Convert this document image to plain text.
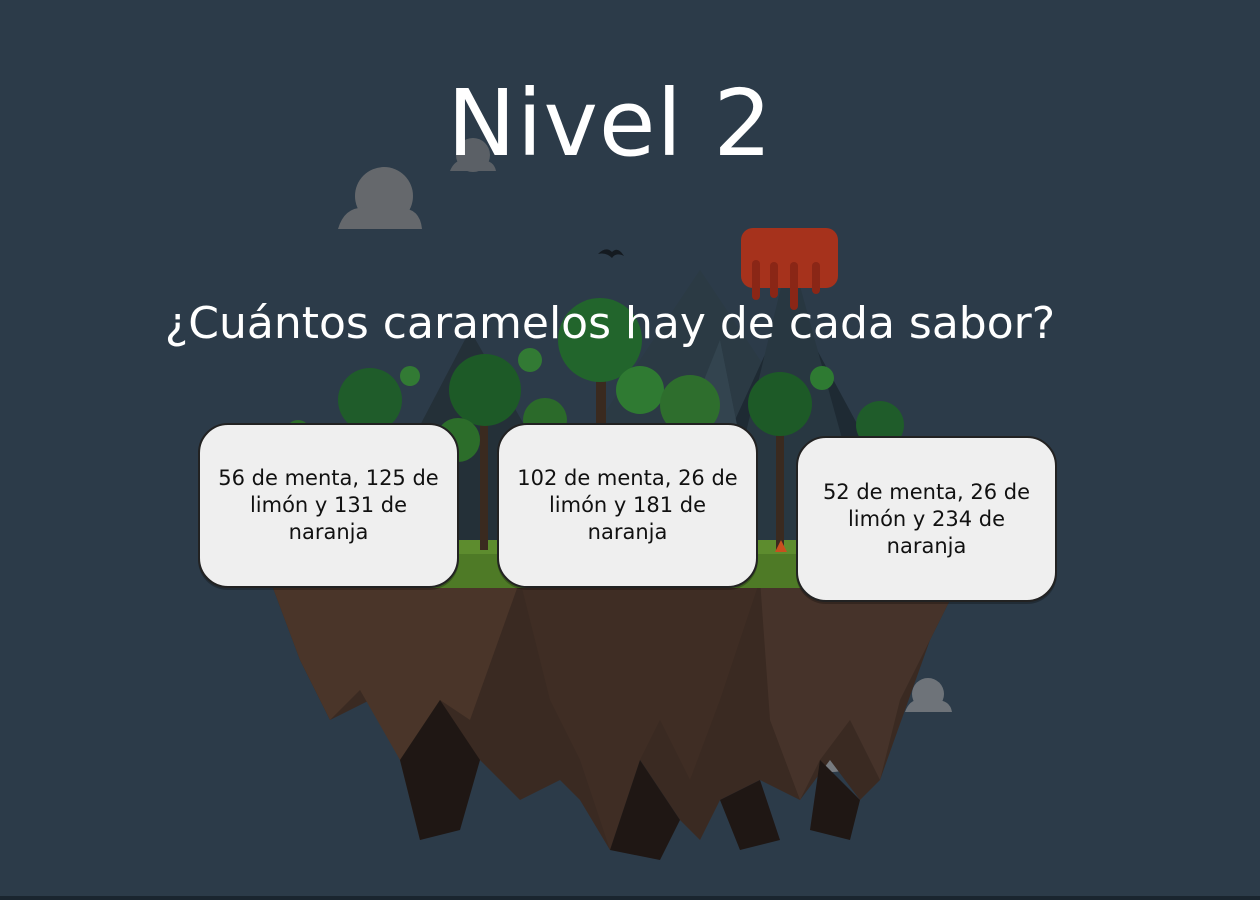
Nivel 2
¿Cuántos caramelos hay de cada sabor?
56 de menta, 125 de limón y 131 de naranja
102 de menta, 26 de limón y 181 de naranja
52 de menta, 26 de limón y 234 de naranja
